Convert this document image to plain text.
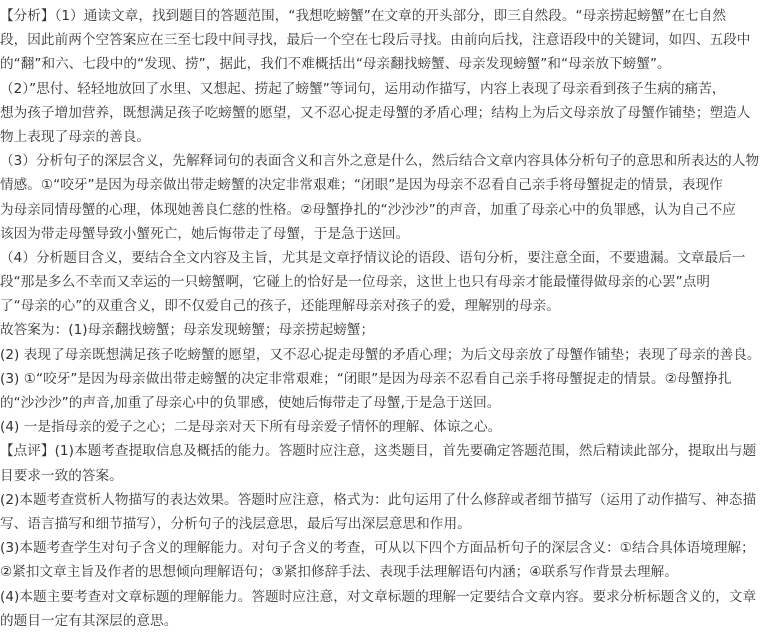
【分析】（1）通读文章，找到题目的答题范围，“我想吃螃蟹”在文章的开头部分，即三自然段。“母亲捞起螃蟹”在七自然
段，因此前两个空答案应在三至七段中间寻找，最后一个空在七段后寻找。由前向后找，注意语段中的关键词，如四、五段中
的“翻”和六、七段中的“发现、捞”，据此，我们不难概括出“母亲翻找螃蟹、母亲发现螃蟹”和“母亲放下螃蟹”。
（2）”思付、轻轻地放回了水里、又想起、捞起了螃蟹”等词句，运用动作描写，内容上表现了母亲看到孩子生病的痛苦，
想为孩子增加营养，既想满足孩子吃螃蟹的愿望，又不忍心捉走母蟹的矛盾心理；结构上为后文母亲放了母蟹作铺垫；塑造人
物上表现了母亲的善良。
（3）分析句子的深层含义，先解释词句的表面含义和言外之意是什么，然后结合文章内容具体分析句子的意思和所表达的人物
情感。①“咬牙”是因为母亲做出带走螃蟹的决定非常艰难；“闭眼”是因为母亲不忍看自己亲手将母蟹捉走的情景，表现作
为母亲同情母蟹的心理，体现她善良仁慈的性格。②母蟹挣扎的“沙沙沙”的声音，加重了母亲心中的负罪感，认为自己不应
该因为带走母蟹导致小蟹死亡，她后悔带走了母蟹，于是急于送回。
（4）分析题目含义，要结合全文内容及主旨，尤其是文章抒情议论的语段、语句分析，要注意全面，不要遗漏。文章最后一
段“那是多么不幸而又幸运的一只螃蟹啊，它碰上的恰好是一位母亲，这世上也只有母亲才能最懂得做母亲的心罢”点明
了“母亲的心”的双重含义，即不仅爱自己的孩子，还能理解母亲对孩子的爱，理解别的母亲。
故答案为：(1)母亲翻找螃蟹；母亲发现螃蟹；母亲捞起螃蟹；
(2) 表现了母亲既想满足孩子吃螃蟹的愿望，又不忍心捉走母蟹的矛盾心理；为后文母亲放了母蟹作铺垫；表现了母亲的善良。
(3) ①“咬牙”是因为母亲做出带走螃蟹的决定非常艰难；“闭眼”是因为母亲不忍看自己亲手将母蟹捉走的情景。②母蟹挣扎
的“沙沙沙”的声音,加重了母亲心中的负罪感，使她后悔带走了母蟹,于是急于送回。
(4) 一是指母亲的爱子之心；二是母亲对天下所有母亲爱子情怀的理解、体谅之心。
【点评】(1)本题考查提取信息及概括的能力。答题时应注意，这类题目，首先要确定答题范围，然后精读此部分，提取出与题
目要求一致的答案。
(2)本题考查赏析人物描写的表达效果。答题时应注意，格式为：此句运用了什么修辞或者细节描写（运用了动作描写、神态描
写、语言描写和细节描写），分析句子的浅层意思，最后写出深层意思和作用。
(3)本题考查学生对句子含义的理解能力。对句子含义的考查，可从以下四个方面品析句子的深层含义：①结合具体语境理解；
②紧扣文章主旨及作者的思想倾向理解语句；③紧扣修辞手法、表现手法理解语句内涵；④联系写作背景去理解。
(4)本题主要考查对文章标题的理解能力。答题时应注意，对文章标题的理解一定要结合文章内容。要求分析标题含义的，文章
的题目一定有其深层的意思。
